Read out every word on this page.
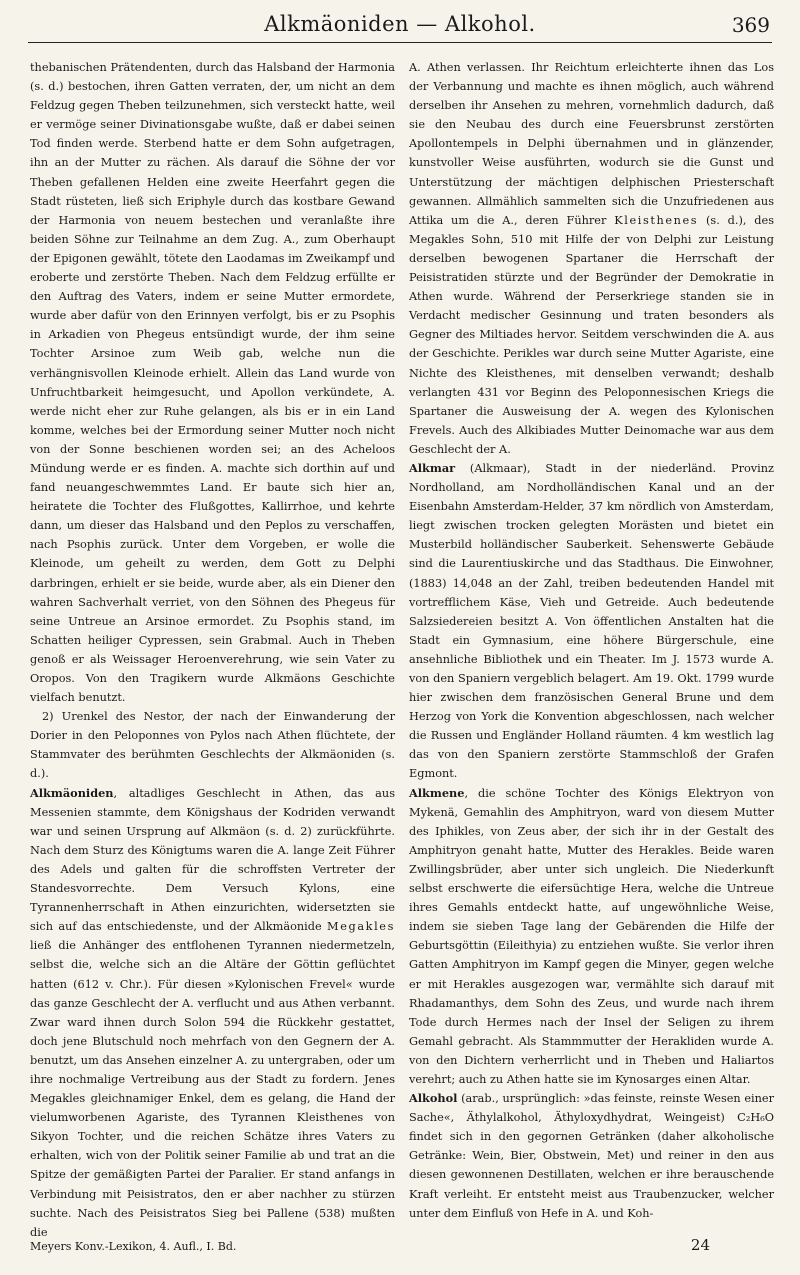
Alkmäoniden — Alkohol.	369

thebanischen Prätendenten, durch das Halsband der Harmonia (s. d.) bestochen, ihren Gatten verraten, der, um nicht an dem Feldzug gegen Theben teilzunehmen, sich versteckt hatte, weil er vermöge seiner Divinationsgabe wußte, daß er dabei seinen Tod finden werde. Sterbend hatte er dem Sohn aufgetragen, ihn an der Mutter zu rächen. Als darauf die Söhne der vor Theben gefallenen Helden eine zweite Heerfahrt gegen die Stadt rüsteten, ließ sich Eriphyle durch das kostbare Gewand der Harmonia von neuem bestechen und veranlaßte ihre beiden Söhne zur Teilnahme an dem Zug. A., zum Oberhaupt der Epigonen gewählt, tötete den Laodamas im Zweikampf und eroberte und zerstörte Theben. Nach dem Feldzug erfüllte er den Auftrag des Vaters, indem er seine Mutter ermordete, wurde aber dafür von den Erinnyen verfolgt, bis er zu Psophis in Arkadien von Phegeus entsündigt wurde, der ihm seine Tochter Arsinoe zum Weib gab, welche nun die verhängnisvollen Kleinode erhielt. Allein das Land wurde von Unfruchtbarkeit heimgesucht, und Apollon verkündete, A. werde nicht eher zur Ruhe gelangen, als bis er in ein Land komme, welches bei der Ermordung seiner Mutter noch nicht von der Sonne beschienen worden sei; an des Acheloos Mündung werde er es finden. A. machte sich dorthin auf und fand neuangeschwemmtes Land. Er baute sich hier an, heiratete die Tochter des Flußgottes, Kallirrhoe, und kehrte dann, um dieser das Halsband und den Peplos zu verschaffen, nach Psophis zurück. Unter dem Vorgeben, er wolle die Kleinode, um geheilt zu werden, dem Gott zu Delphi darbringen, erhielt er sie beide, wurde aber, als ein Diener den wahren Sachverhalt verriet, von den Söhnen des Phegeus für seine Untreue an Arsinoe ermordet. Zu Psophis stand, im Schatten heiliger Cypressen, sein Grabmal. Auch in Theben genoß er als Weissager Heroenverehrung, wie sein Vater zu Oropos. Von den Tragikern wurde Alkmäons Geschichte vielfach benutzt.

2) Urenkel des Nestor, der nach der Einwanderung der Dorier in den Peloponnes von Pylos nach Athen flüchtete, der Stammvater des berühmten Geschlechts der Alkmäoniden (s. d.).

Alkmäoniden, altadliges Geschlecht in Athen, das aus Messenien stammte, dem Königshaus der Kodriden verwandt war und seinen Ursprung auf Alkmäon (s. d. 2) zurückführte. Nach dem Sturz des Königtums waren die A. lange Zeit Führer des Adels und galten für die schroffsten Vertreter der Standesvorrechte. Dem Versuch Kylons, eine Tyrannenherrschaft in Athen einzurichten, widersetzten sie sich auf das entschiedenste, und der Alkmäonide Megakles ließ die Anhänger des entflohenen Tyrannen niedermetzeln, selbst die, welche sich an die Altäre der Göttin geflüchtet hatten (612 v. Chr.). Für diesen »Kylonischen Frevel« wurde das ganze Geschlecht der A. verflucht und aus Athen verbannt. Zwar ward ihnen durch Solon 594 die Rückkehr gestattet, doch jene Blutschuld noch mehrfach von den Gegnern der A. benutzt, um das Ansehen einzelner A. zu untergraben, oder um ihre nochmalige Vertreibung aus der Stadt zu fordern. Jenes Megakles gleichnamiger Enkel, dem es gelang, die Hand der vielumworbenen Agariste, des Tyrannen Kleisthenes von Sikyon Tochter, und die reichen Schätze ihres Vaters zu erhalten, wich von der Politik seiner Familie ab und trat an die Spitze der gemäßigten Partei der Paralier. Er stand anfangs in Verbindung mit Peisistratos, den er aber nachher zu stürzen suchte. Nach des Peisistratos Sieg bei Pallene (538) mußten die

A. Athen verlassen. Ihr Reichtum erleichterte ihnen das Los der Verbannung und machte es ihnen möglich, auch während derselben ihr Ansehen zu mehren, vornehmlich dadurch, daß sie den Neubau des durch eine Feuersbrunst zerstörten Apollontempels in Delphi übernahmen und in glänzender, kunstvoller Weise ausführten, wodurch sie die Gunst und Unterstützung der mächtigen delphischen Priesterschaft gewannen. Allmählich sammelten sich die Unzufriedenen aus Attika um die A., deren Führer Kleisthenes (s. d.), des Megakles Sohn, 510 mit Hilfe der von Delphi zur Leistung derselben bewogenen Spartaner die Herrschaft der Peisistratiden stürzte und der Begründer der Demokratie in Athen wurde. Während der Perserkriege standen sie in Verdacht medischer Gesinnung und traten besonders als Gegner des Miltiades hervor. Seitdem verschwinden die A. aus der Geschichte. Perikles war durch seine Mutter Agariste, eine Nichte des Kleisthenes, mit denselben verwandt; deshalb verlangten 431 vor Beginn des Peloponnesischen Kriegs die Spartaner die Ausweisung der A. wegen des Kylonischen Frevels. Auch des Alkibiades Mutter Deinomache war aus dem Geschlecht der A.

Alkmar (Alkmaar), Stadt in der niederländ. Provinz Nordholland, am Nordholländischen Kanal und an der Eisenbahn Amsterdam-Helder, 37 km nördlich von Amsterdam, liegt zwischen trocken gelegten Morästen und bietet ein Musterbild holländischer Sauberkeit. Sehenswerte Gebäude sind die Laurentiuskirche und das Stadthaus. Die Einwohner, (1883) 14,048 an der Zahl, treiben bedeutenden Handel mit vortrefflichem Käse, Vieh und Getreide. Auch bedeutende Salzsiedereien besitzt A. Von öffentlichen Anstalten hat die Stadt ein Gymnasium, eine höhere Bürgerschule, eine ansehnliche Bibliothek und ein Theater. Im J. 1573 wurde A. von den Spaniern vergeblich belagert. Am 19. Okt. 1799 wurde hier zwischen dem französischen General Brune und dem Herzog von York die Konvention abgeschlossen, nach welcher die Russen und Engländer Holland räumten. 4 km westlich lag das von den Spaniern zerstörte Stammschloß der Grafen Egmont.

Alkmene, die schöne Tochter des Königs Elektryon von Mykenä, Gemahlin des Amphitryon, ward von diesem Mutter des Iphikles, von Zeus aber, der sich ihr in der Gestalt des Amphitryon genaht hatte, Mutter des Herakles. Beide waren Zwillingsbrüder, aber unter sich ungleich. Die Niederkunft selbst erschwerte die eifersüchtige Hera, welche die Untreue ihres Gemahls entdeckt hatte, auf ungewöhnliche Weise, indem sie sieben Tage lang der Gebärenden die Hilfe der Geburtsgöttin (Eileithyia) zu entziehen wußte. Sie verlor ihren Gatten Amphitryon im Kampf gegen die Minyer, gegen welche er mit Herakles ausgezogen war, vermählte sich darauf mit Rhadamanthys, dem Sohn des Zeus, und wurde nach ihrem Tode durch Hermes nach der Insel der Seligen zu ihrem Gemahl gebracht. Als Stammmutter der Herakliden wurde A. von den Dichtern verherrlicht und in Theben und Haliartos verehrt; auch zu Athen hatte sie im Kynosarges einen Altar.

Alkohol (arab., ursprünglich: »das feinste, reinste Wesen einer Sache«, Äthylalkohol, Äthyloxydhydrat, Weingeist) C₂H₆O findet sich in den gegornen Getränken (daher alkoholische Getränke: Wein, Bier, Obstwein, Met) und reiner in den aus diesen gewonnenen Destillaten, welchen er ihre berauschende Kraft verleiht. Er entsteht meist aus Traubenzucker, welcher unter dem Einfluß von Hefe in A. und Koh-

Meyers Konv.-Lexikon, 4. Aufl., I. Bd.	24
